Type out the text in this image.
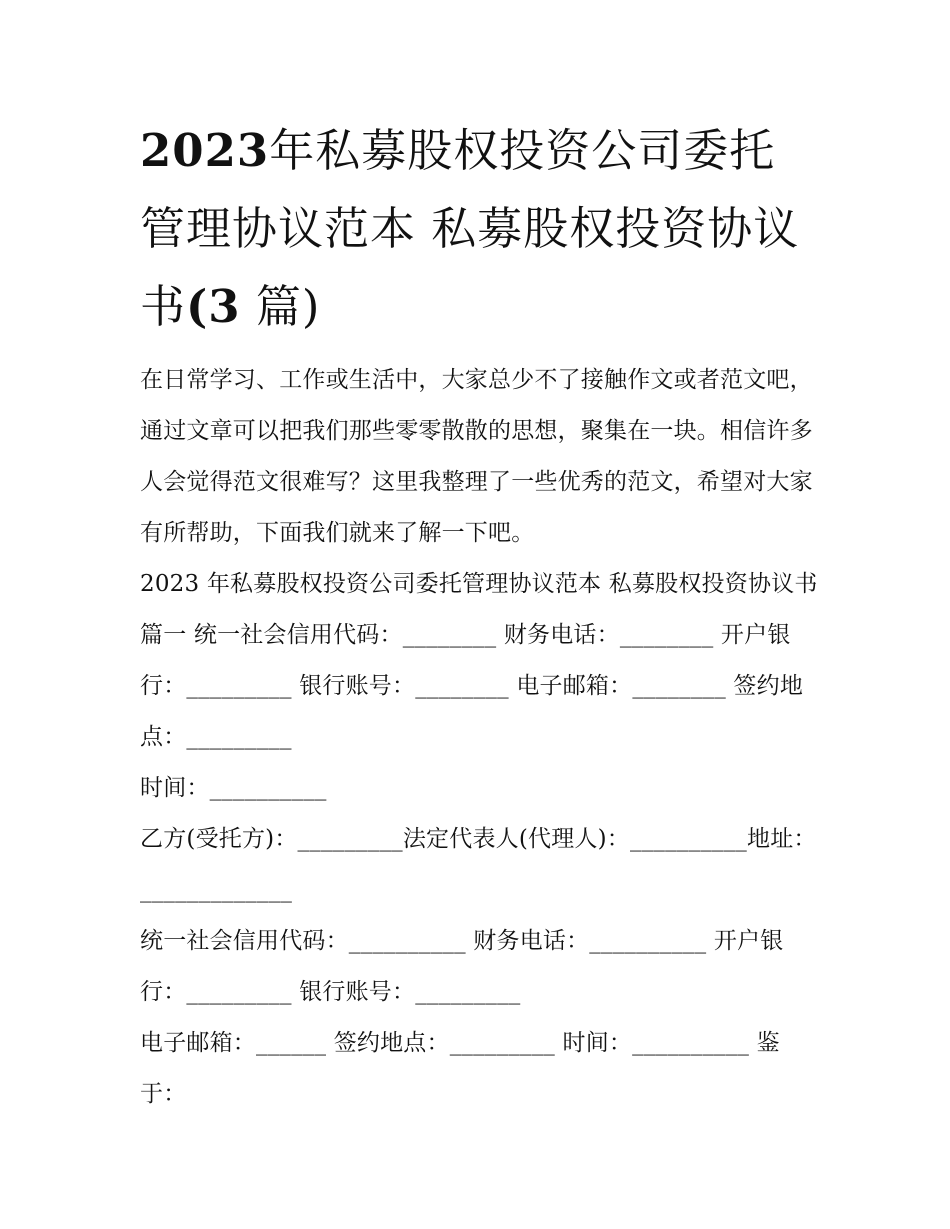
2023年私募股权投资公司委托管理协议范本 私募股权投资协议书(3 篇)

在日常学习、工作或生活中，大家总少不了接触作文或者范文吧，通过文章可以把我们那些零零散散的思想，聚集在一块。相信许多人会觉得范文很难写？这里我整理了一些优秀的范文，希望对大家有所帮助，下面我们就来了解一下吧。

2023 年私募股权投资公司委托管理协议范本 私募股权投资协议书篇一 统一社会信用代码：________ 财务电话：________ 开户银行：_________ 银行账号：________ 电子邮箱：________ 签约地点：_________

时间：__________

乙方(受托方)：_________法定代表人(代理人)：__________地址：_____________

统一社会信用代码：__________ 财务电话：__________ 开户银行：_________ 银行账号：_________

电子邮箱：______ 签约地点：_________ 时间：__________ 鉴于：
